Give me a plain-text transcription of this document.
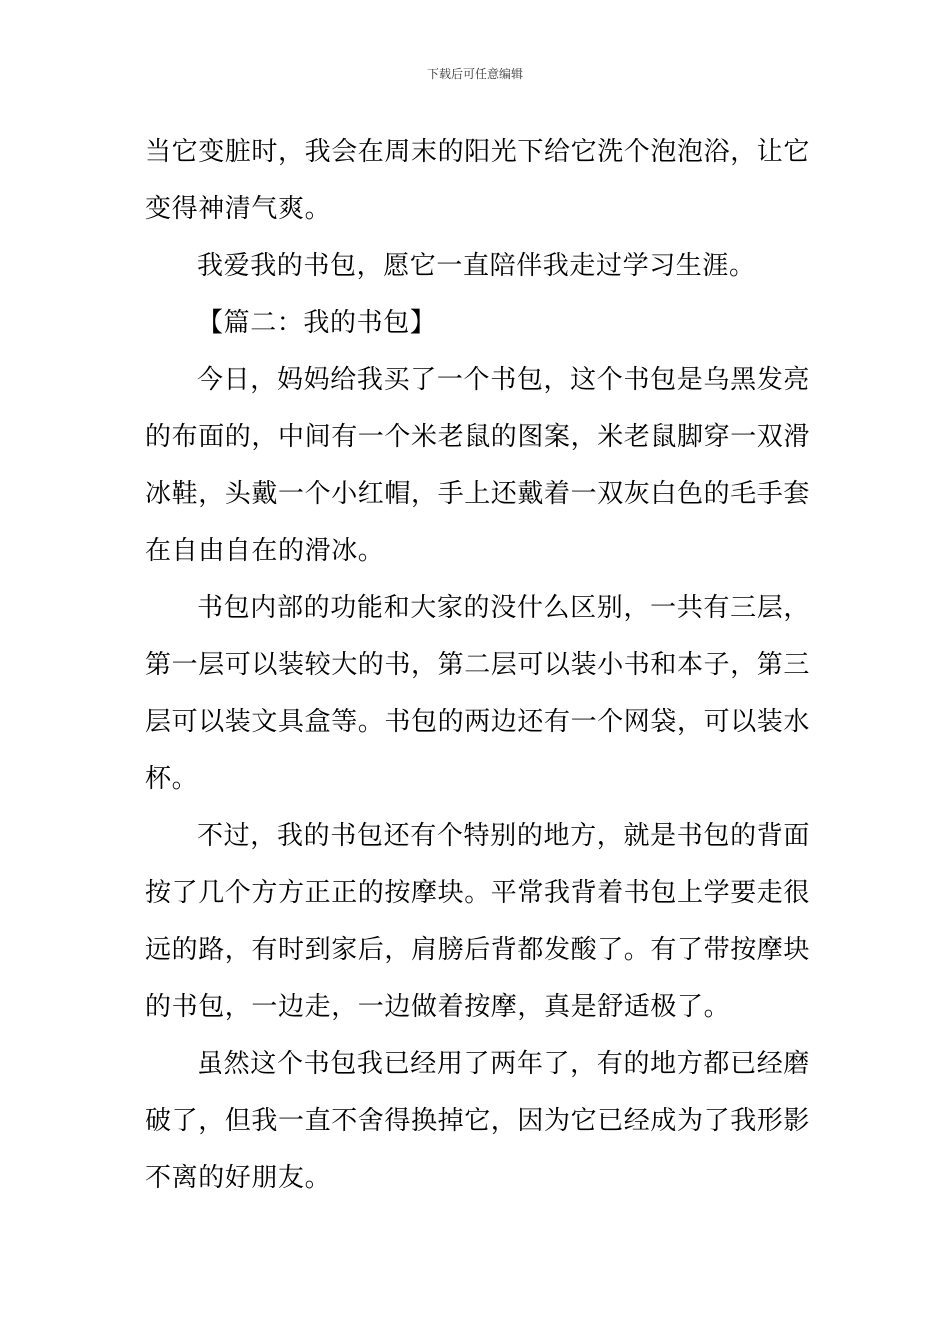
下载后可任意编辑

当它变脏时，我会在周末的阳光下给它洗个泡泡浴，让它变得神清气爽。

我爱我的书包，愿它一直陪伴我走过学习生涯。

【篇二：我的书包】

今日，妈妈给我买了一个书包，这个书包是乌黑发亮的布面的，中间有一个米老鼠的图案，米老鼠脚穿一双滑冰鞋，头戴一个小红帽，手上还戴着一双灰白色的毛手套在自由自在的滑冰。

书包内部的功能和大家的没什么区别，一共有三层，第一层可以装较大的书，第二层可以装小书和本子，第三层可以装文具盒等。书包的两边还有一个网袋，可以装水杯。

不过，我的书包还有个特别的地方，就是书包的背面按了几个方方正正的按摩块。平常我背着书包上学要走很远的路，有时到家后，肩膀后背都发酸了。有了带按摩块的书包，一边走，一边做着按摩，真是舒适极了。

虽然这个书包我已经用了两年了，有的地方都已经磨破了，但我一直不舍得换掉它，因为它已经成为了我形影不离的好朋友。
